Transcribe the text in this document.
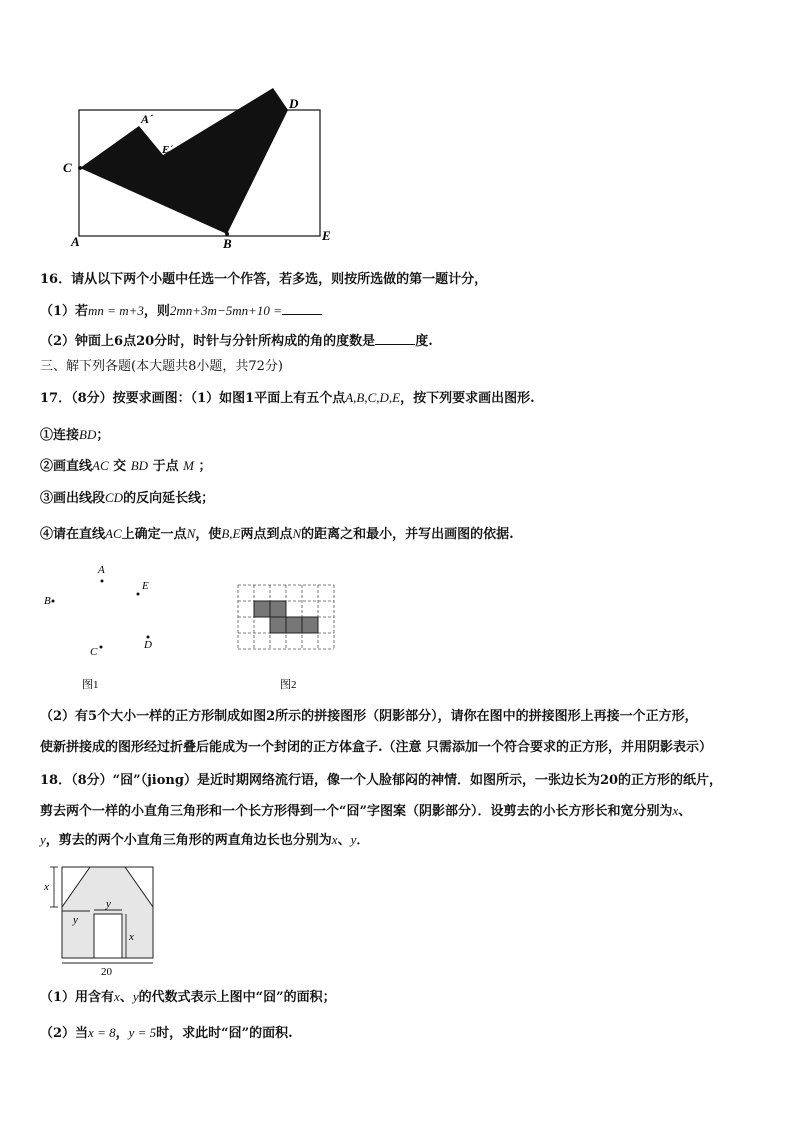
A´
E´
C
D
A	B
E
16．请从以下两个小题中任选一个作答，若多选，则按所选做的第一题计分，
（1）若mn = m+3，则2mn+3m−5mn+10 =
（2）钟面上6点20分时，时针与分针所构成的角的度数是	度.
三、解下列各题(本大题共8小题，共72分)
17．（8分）按要求画图：（1）如图1平面上有五个点A,B,C,D,E，按下列要求画出图形.
①连接BD；
②画直线AC 交 BD 于点 M ；
③画出线段CD的反向延长线；
④请在直线AC上确定一点N，使B,E两点到点N的距离之和最小，并写出画图的依据.
A
E
B
D
C
图1	图2
（2）有5个大小一样的正方形制成如图2所示的拼接图形（阴影部分），请你在图中的拼接图形上再接一个正方形，
使新拼接成的图形经过折叠后能成为一个封闭的正方体盒子.（注意 只需添加一个符合要求的正方形，并用阴影表示）
18．（8分）“囧”（jiong）是近时期网络流行语，像一个人脸郁闷的神情．如图所示，一张边长为20的正方形的纸片，
剪去两个一样的小直角三角形和一个长方形得到一个“囧”字图案（阴影部分）．设剪去的小长方形长和宽分别为x、
y，剪去的两个小直角三角形的两直角边长也分别为x、y．
x
y
y
x
20
（1）用含有x、y的代数式表示上图中“囧”的面积；
（2）当x = 8，y = 5时，求此时“囧”的面积.
